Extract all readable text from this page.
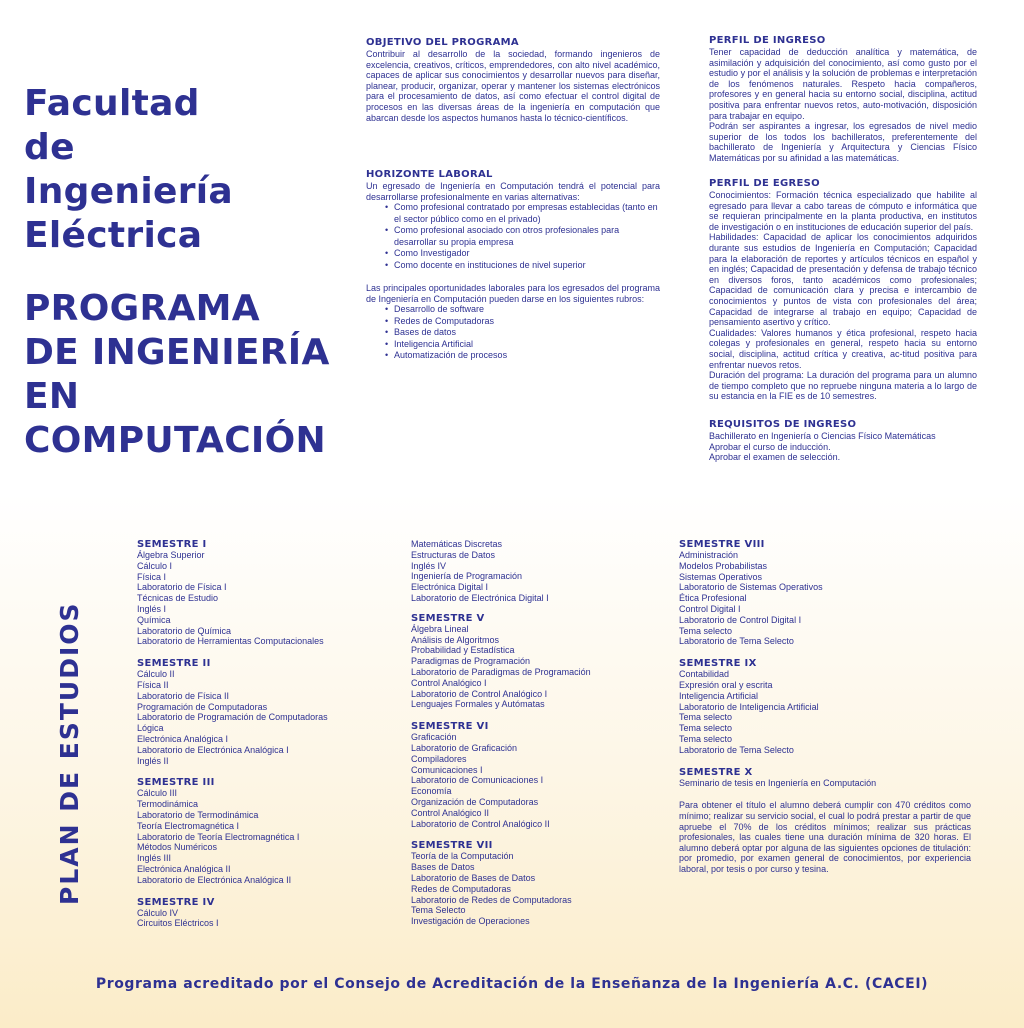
Facultad

de

Ingeniería

Eléctrica

PROGRAMA

DE INGENIERÍA

EN

COMPUTACIÓN

OBJETIVO DEL PROGRAMA

Contribuir al desarrollo de la sociedad, formando ingenieros de excelencia, creativos, críticos, emprendedores, con alto nivel académico, capaces de aplicar sus conocimientos y desarrollar nuevos para diseñar, planear, producir, organizar, operar y mantener los sistemas electrónicos para el procesamiento de datos, así como efectuar el control digital de procesos en las diversas áreas de la ingeniería en computación que abarcan desde los aspectos humanos hasta lo técnico-científicos.

HORIZONTE LABORAL

Un egresado de Ingeniería en Computación tendrá el potencial para desarrollarse profesionalmente en varias alternativas:

• Como profesional contratado por empresas establecidas (tanto en el sector público como en el privado)
• Como profesional asociado con otros profesionales para desarrollar su propia empresa
• Como Investigador
• Como docente en instituciones de nivel superior

Las principales oportunidades laborales para los egresados del programa de Ingeniería en Computación pueden darse en los siguientes rubros:

• Desarrollo de software
• Redes de Computadoras
• Bases de datos
• Inteligencia Artificial
• Automatización de procesos
PERFIL DE INGRESO

Tener capacidad de deducción analítica y matemática, de asimilación y adquisición del conocimiento, así como gusto por el estudio y por el análisis y la solución de problemas e interpretación de los fenómenos naturales. Respeto hacia compañeros, profesores y en general hacia su entorno social, disciplina, actitud positiva para enfrentar nuevos retos, auto-motivación, disposición para trabajar en equipo.

Podrán ser aspirantes a ingresar, los egresados de nivel medio superior de los todos los bachilleratos, preferentemente del bachillerato de Ingeniería y Arquitectura y Ciencias Físico Matemáticas por su afinidad a las matemáticas.

PERFIL DE EGRESO

Conocimientos: Formación técnica especializado que habilite al egresado para llevar a cabo tareas de cómputo e informática que se requieran principalmente en la planta productiva, en institutos de investigación o en instituciones de educación superior del país.

Habilidades: Capacidad de aplicar los conocimientos adquiridos durante sus estudios de Ingeniería en Computación; Capacidad para la elaboración de reportes y artículos técnicos en español y en inglés; Capacidad de presentación y defensa de trabajo técnico en diversos foros, tanto académicos como profesionales; Capacidad de comunicación clara y precisa e intercambio de conocimientos y puntos de vista con profesionales del área; Capacidad de integrarse al trabajo en equipo; Capacidad de pensamiento asertivo y crítico.

Cualidades: Valores humanos y ética profesional, respeto hacia colegas y profesionales en general, respeto hacia su entorno social, disciplina, actitud crítica y creativa, ac-titud positiva para enfrentar nuevos retos.

Duración del programa: La duración del programa para un alumno de tiempo completo que no repruebe ninguna materia a lo largo de su estancia en la FIE es de 10 semestres.

REQUISITOS DE INGRESO

Bachillerato en Ingeniería o Ciencias Físico Matemáticas

Aprobar el curso de inducción.

Aprobar el examen de selección.

PLAN DE ESTUDIOS
SEMESTRE I
Álgebra Superior
Cálculo I
Física I
Laboratorio de Física I
Técnicas de Estudio
Inglés I
Química
Laboratorio de Química
Laboratorio de Herramientas Computacionales
SEMESTRE II
Cálculo II
Física II
Laboratorio de Física II
Programación de Computadoras
Laboratorio de Programación de Computadoras
Lógica
Electrónica Analógica I
Laboratorio de Electrónica Analógica I
Inglés II
SEMESTRE III
Cálculo III
Termodinámica
Laboratorio de Termodinámica
Teoría Electromagnética I
Laboratorio de Teoría Electromagnética I
Métodos Numéricos
Inglés III
Electrónica Analógica II
Laboratorio de Electrónica Analógica II
SEMESTRE IV
Cálculo IV
Circuitos Eléctricos I
Matemáticas Discretas
Estructuras de Datos
Inglés IV
Ingeniería de Programación
Electrónica Digital I
Laboratorio de Electrónica Digital I
SEMESTRE V
Álgebra Lineal
Análisis de Algoritmos
Probabilidad y Estadística
Paradigmas de Programación
Laboratorio de Paradigmas de Programación
Control Analógico I
Laboratorio de Control Analógico I
Lenguajes Formales y Autómatas
SEMESTRE VI
Graficación
Laboratorio de Graficación
Compiladores
Comunicaciones I
Laboratorio de Comunicaciones I
Economía
Organización de Computadoras
Control Analógico II
Laboratorio de Control Analógico II
SEMESTRE VII
Teoría de la Computación
Bases de Datos
Laboratorio de Bases de Datos
Redes de Computadoras
Laboratorio de Redes de Computadoras
Tema Selecto
Investigación de Operaciones
SEMESTRE VIII
Administración
Modelos Probabilistas
Sistemas Operativos
Laboratorio de Sistemas Operativos
Ética Profesional
Control Digital I
Laboratorio de Control Digital I
Tema selecto
Laboratorio de Tema Selecto
SEMESTRE IX
Contabilidad
Expresión oral y escrita
Inteligencia Artificial
Laboratorio de Inteligencia Artificial
Tema selecto
Tema selecto
Tema selecto
Laboratorio de Tema Selecto
SEMESTRE X
Seminario de tesis en Ingeniería en Computación

Para obtener el título el alumno deberá cumplir con 470 créditos como mínimo; realizar su servicio social, el cual lo podrá prestar a partir de que apruebe el 70% de los créditos mínimos; realizar sus prácticas profesionales, las cuales tiene una duración mínima de 320 horas. El alumno deberá optar por alguna de las siguientes opciones de titulación: por promedio, por examen general de conocimientos, por experiencia laboral, por tesis o por curso y tesina.

Programa acreditado por el Consejo de Acreditación de la Enseñanza de la Ingeniería A.C. (CACEI)
